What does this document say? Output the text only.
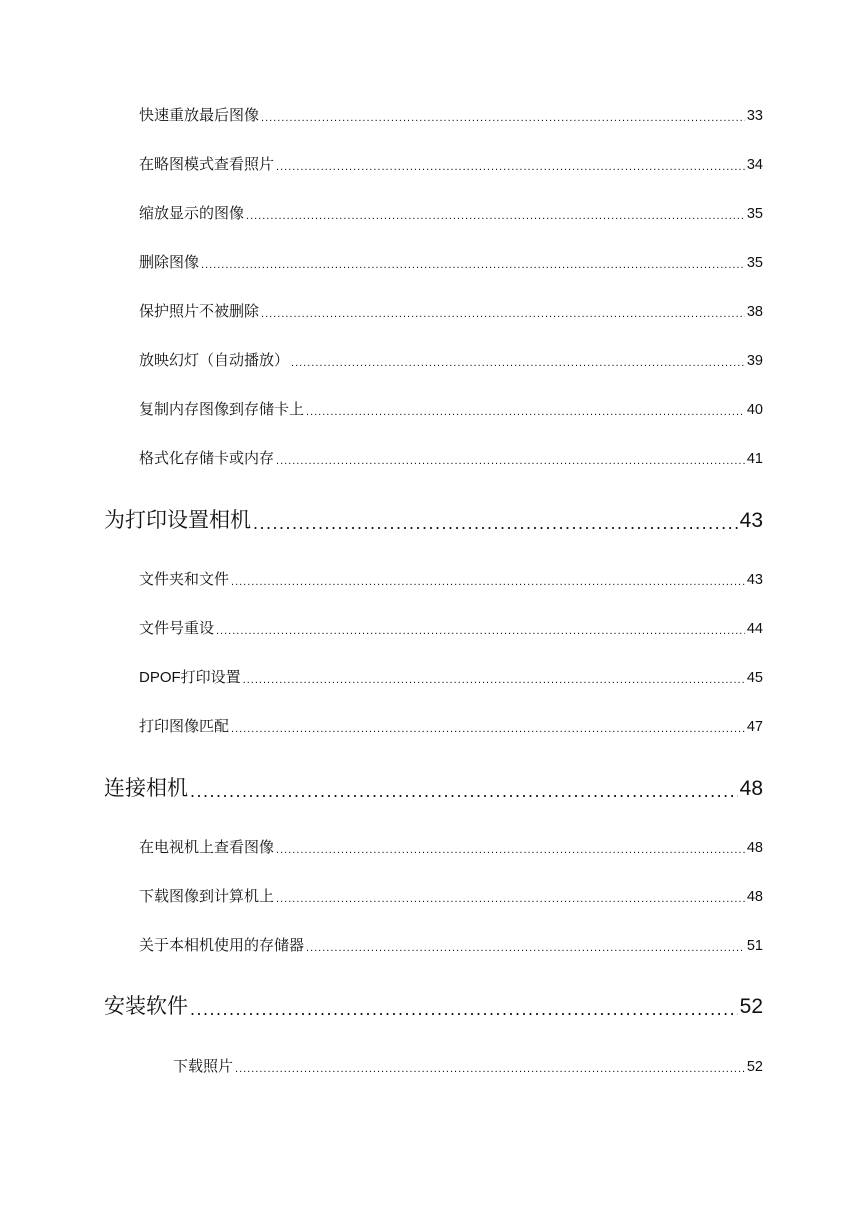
快速重放最后图像 .....	33
在略图模式查看照片 .....	34
缩放显示的图像 .....	35
删除图像 .....	35
保护照片不被删除 .....	38
放映幻灯（自动播放） .....	39
复制内存图像到存储卡上 .....	40
格式化存储卡或内存 .....	41
为打印设置相机 .....	43
文件夹和文件 .....	43
文件号重设 .....	44
DPOF打印设置 .....	45
打印图像匹配 .....	47
连接相机 .....	48
在电视机上查看图像 .....	48
下载图像到计算机上 .....	48
关于本相机使用的存储器 .....	51
安装软件 .....	52
下载照片 .....	52
